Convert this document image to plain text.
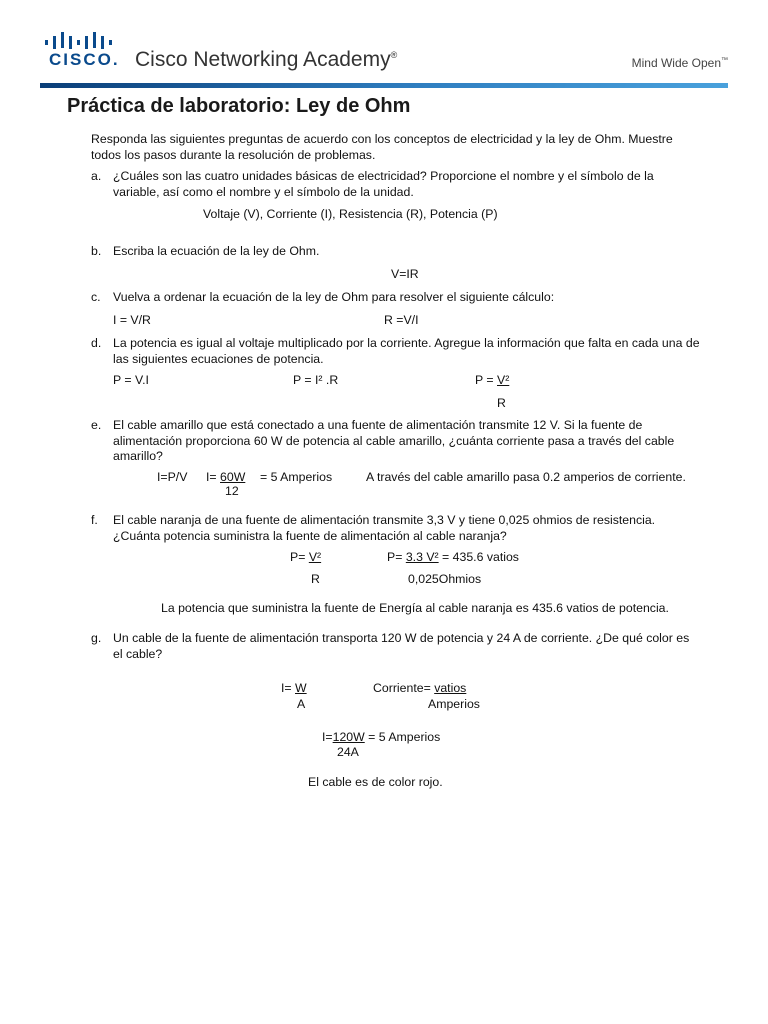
CISCO. Cisco Networking Academy®
Mind Wide Open™
Práctica de laboratorio: Ley de Ohm
Responda las siguientes preguntas de acuerdo con los conceptos de electricidad y la ley de Ohm. Muestre todos los pasos durante la resolución de problemas.
a. ¿Cuáles son las cuatro unidades básicas de electricidad? Proporcione el nombre y el símbolo de la variable, así como el nombre y el símbolo de la unidad.
Voltaje (V), Corriente (I), Resistencia (R), Potencia (P)
b. Escriba la ecuación de la ley de Ohm.
V=IR
c. Vuelva a ordenar la ecuación de la ley de Ohm para resolver el siguiente cálculo:
I = V/R	R =V/I
d. La potencia es igual al voltaje multiplicado por la corriente. Agregue la información que falta en cada una de las siguientes ecuaciones de potencia.
P = V.I	P = I² .R	P = V²
R
e. El cable amarillo que está conectado a una fuente de alimentación transmite 12 V. Si la fuente de alimentación proporciona 60 W de potencia al cable amarillo, ¿cuánta corriente pasa a través del cable amarillo?
I=P/V I= 60W = 5 Amperios
12
A través del cable amarillo pasa 0.2 amperios de corriente.
f. El cable naranja de una fuente de alimentación transmite 3,3 V y tiene 0,025 ohmios de resistencia. ¿Cuánta potencia suministra la fuente de alimentación al cable naranja?
P= V²
R
P= 3.3 V² = 435.6 vatios
0,025Ohmios
La potencia que suministra la fuente de Energía al cable naranja es 435.6 vatios de potencia.
g. Un cable de la fuente de alimentación transporta 120 W de potencia y 24 A de corriente. ¿De qué color es el cable?
I= W
A
Corriente= vatios
Amperios
I=120W = 5 Amperios
24A
El cable es de color rojo.
